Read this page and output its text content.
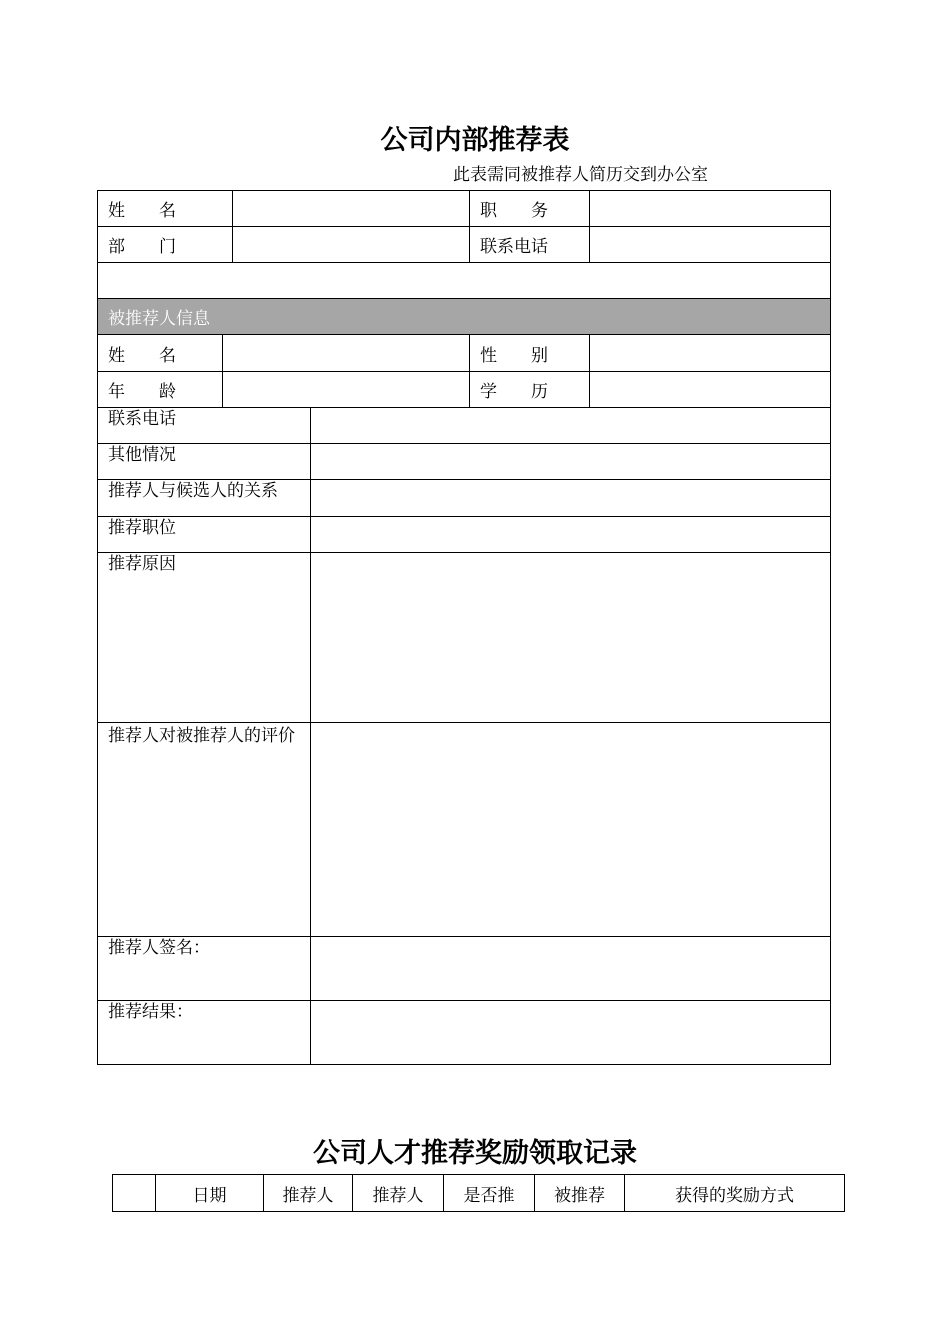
公司内部推荐表
此表需同被推荐人简历交到办公室
姓　　名	职　　务
部　　门	联系电话
被推荐人信息
姓　　名	性　　别
年　　龄	学　　历
联系电话
其他情况
推荐人与候选人的关系
推荐职位
推荐原因
推荐人对被推荐人的评价
推荐人签名：
推荐结果：
公司人才推荐奖励领取记录
日期	推荐人	推荐人	是否推	被推荐	获得的奖励方式
